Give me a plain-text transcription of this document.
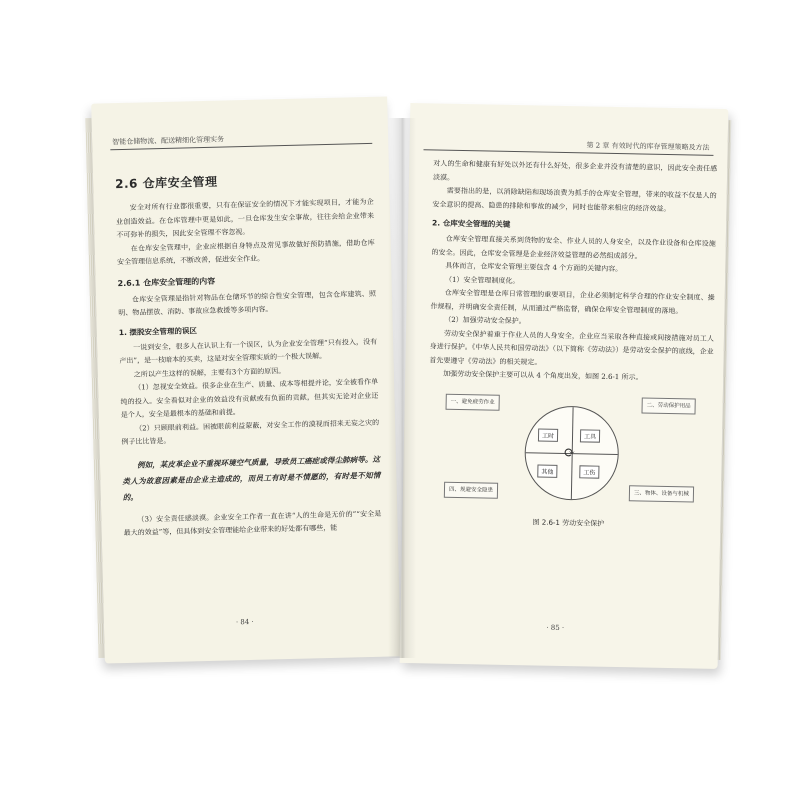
智能仓储物流、配送精细化管理实务
2.6 仓库安全管理

安全对所有行业都很重要，只有在保证安全的情况下才能实现项目，才能为企业创造效益。在仓库管理中更是如此，一旦仓库发生安全事故，往往会给企业带来不可弥补的损失，因此安全管理不容忽视。

在仓库安全管理中，企业应根据自身特点及常见事故做好预防措施，借助仓库安全管理信息系统，不断改善，促进安全作业。

2.6.1 仓库安全管理的内容

仓库安全管理是指针对物品在仓储环节的综合性安全管理，包含仓库建筑、照明、物品摆放、消防、事故应急救援等多项内容。

1. 摆脱安全管理的误区

一说到安全，很多人在认识上有一个误区，认为企业安全管理“只有投入，没有产出”，是一枝暗本的买卖，这是对安全管理实质的一个极大误解。

之所以产生这样的误解，主要有3个方面的原因。

（1）忽视安全效益。很多企业在生产、质量、成本等相提并论，安全被看作单纯的投入。安全看似对企业的效益没有贡献或有负面的贡献，但其实无论对企业还是个人，安全是最根本的基础和前提。

（2）只顾眼前利益。困被眼前利益蒙蔽，对安全工作的漠视而招来无妄之灾的例子比比皆是。

例如，某皮革企业不重视环境空气质量，导致员工癌症或得尘肺病等。这类人为故意因素是由企业主造成的，而员工有时是不情愿的，有时是不知情的。

（3）安全责任感淡漠。企业安全工作者一直在讲“人的生命是无价的”“安全是最大的效益”等，但具体到安全管理能给企业带来的好处都有哪些，能

· 84 ·
第 2 章 有效时代的库存管理策略及方法

对人的生命和健康有好处以外还有什么好处，很多企业并没有清楚的意识，因此安全责任感淡漠。

需要指出的是，以消除缺陷和现场浪费为抓手的仓库安全管理，带来的收益不仅是人的安全意识的提高、隐患的排除和事故的减少，同时也能带来相应的经济效益。

2. 仓库安全管理的关键

仓库安全管理直接关系到货物的安全、作业人员的人身安全，以及作业设备和仓库设施的安全。因此，仓库安全管理是企业经济效益管理的必然组成部分。

具体而言，仓库安全管理主要包含 4 个方面的关键内容。

（1）安全管理制度化。

仓库安全管理是仓库日常管理的重要项目，企业必须制定科学合理的作业安全制度、操作规程，并明确安全责任制，从而通过严格监督，确保仓库安全管理制度的落地。

（2）加强劳动安全保护。

劳动安全保护着重于作业人员的人身安全，企业应当采取各种直接或间接措施对员工人身进行保护。《中华人民共和国劳动法》（以下简称《劳动法》）是劳动安全保护的底线，企业首先要遵守《劳动法》的相关规定。

加强劳动安全保护主要可以从 4 个角度出发，如图 2.6-1 所示。

一、避免疲劳作业
二、劳动保护用品
四、规避安全隐患
三、物体、设备与机械
工时	工具
其他	工伤
⟳
图 2.6-1 劳动安全保护
· 85 ·
